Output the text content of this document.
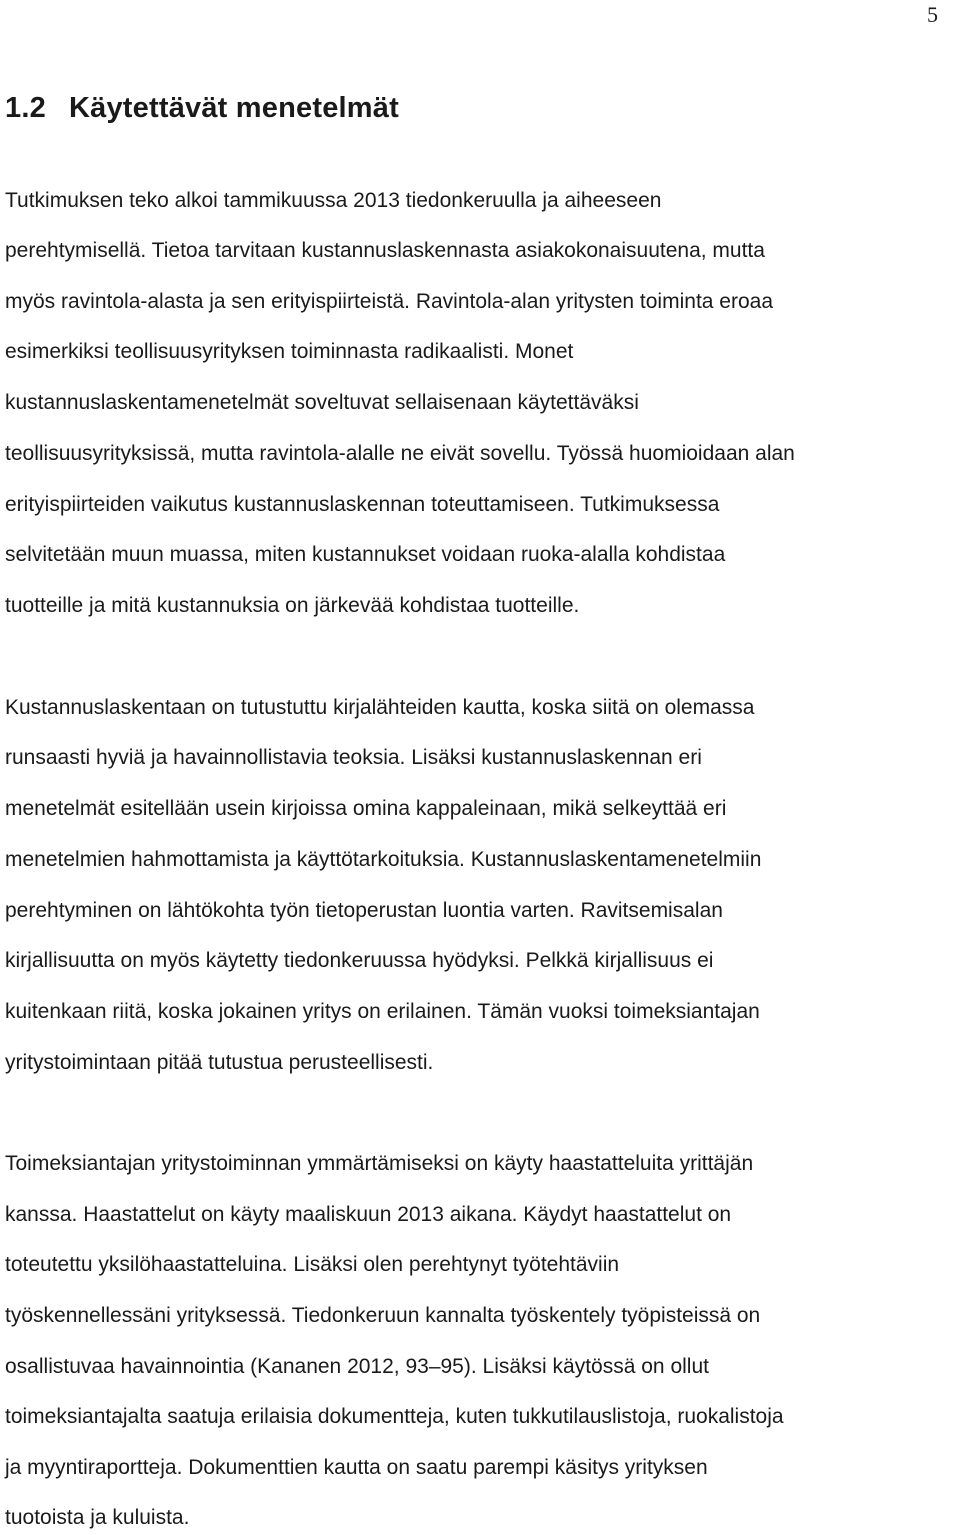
5
1.2 Käytettävät menetelmät

Tutkimuksen teko alkoi tammikuussa 2013 tiedonkeruulla ja aiheeseen

perehtymisellä. Tietoa tarvitaan kustannuslaskennasta asiakokonaisuutena, mutta

myös ravintola-alasta ja sen erityispiirteistä. Ravintola-alan yritysten toiminta eroaa

esimerkiksi teollisuusyrityksen toiminnasta radikaalisti. Monet

kustannuslaskentamenetelmät soveltuvat sellaisenaan käytettäväksi

teollisuusyrityksissä, mutta ravintola-alalle ne eivät sovellu. Työssä huomioidaan alan

erityispiirteiden vaikutus kustannuslaskennan toteuttamiseen. Tutkimuksessa

selvitetään muun muassa, miten kustannukset voidaan ruoka-alalla kohdistaa

tuotteille ja mitä kustannuksia on järkevää kohdistaa tuotteille.

Kustannuslaskentaan on tutustuttu kirjalähteiden kautta, koska siitä on olemassa

runsaasti hyviä ja havainnollistavia teoksia. Lisäksi kustannuslaskennan eri

menetelmät esitellään usein kirjoissa omina kappaleinaan, mikä selkeyttää eri

menetelmien hahmottamista ja käyttötarkoituksia. Kustannuslaskentamenetelmiin

perehtyminen on lähtökohta työn tietoperustan luontia varten. Ravitsemisalan

kirjallisuutta on myös käytetty tiedonkeruussa hyödyksi. Pelkkä kirjallisuus ei

kuitenkaan riitä, koska jokainen yritys on erilainen. Tämän vuoksi toimeksiantajan

yritystoimintaan pitää tutustua perusteellisesti.

Toimeksiantajan yritystoiminnan ymmärtämiseksi on käyty haastatteluita yrittäjän

kanssa. Haastattelut on käyty maaliskuun 2013 aikana. Käydyt haastattelut on

toteutettu yksilöhaastatteluina. Lisäksi olen perehtynyt työtehtäviin

työskennellessäni yrityksessä. Tiedonkeruun kannalta työskentely työpisteissä on

osallistuvaa havainnointia (Kananen 2012, 93–95). Lisäksi käytössä on ollut

toimeksiantajalta saatuja erilaisia dokumentteja, kuten tukkutilauslistoja, ruokalistoja

ja myyntiraportteja. Dokumenttien kautta on saatu parempi käsitys yrityksen

tuotoista ja kuluista.
